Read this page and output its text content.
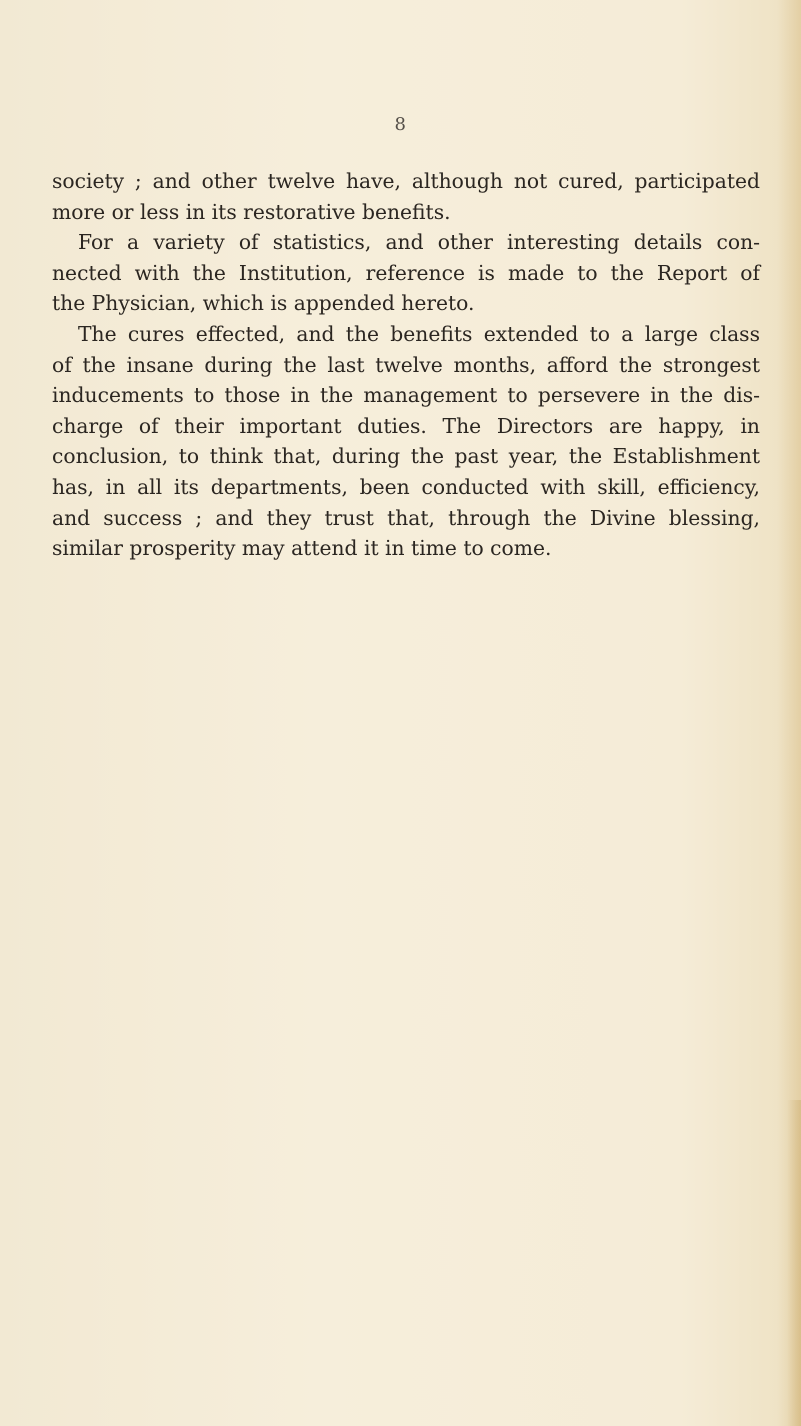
8
society ; and other twelve have, although not cured, participated
more or less in its restorative benefits.
For a variety of statistics, and other interesting details con-
nected with the Institution, reference is made to the Report of
the Physician, which is appended hereto.
The cures effected, and the benefits extended to a large class
of the insane during the last twelve months, afford the strongest
inducements to those in the management to persevere in the dis-
charge of their important duties. The Directors are happy, in
conclusion, to think that, during the past year, the Establishment
has, in all its departments, been conducted with skill, efficiency,
and success ; and they trust that, through the Divine blessing,
similar prosperity may attend it in time to come.
